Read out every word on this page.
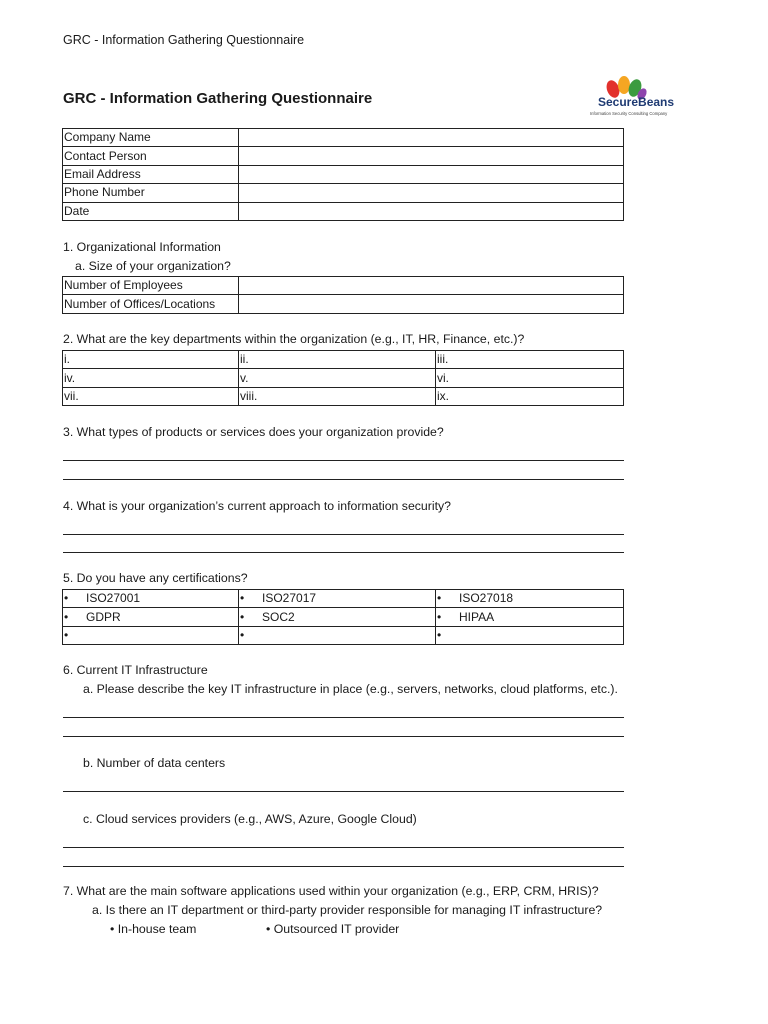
GRC - Information Gathering Questionnaire
GRC - Information Gathering Questionnaire	SecureBeans
Information Security Consulting Company
Company Name	
Contact Person	
Email Address	
Phone Number	
Date	
1. Organizational Information
a. Size of your organization?
Number of Employees	
Number of Offices/Locations	
2. What are the key departments within the organization (e.g., IT, HR, Finance, etc.)?
i.	ii.	iii.
iv.	v.	vi.
vii.	viii.	ix.
3. What types of products or services does your organization provide?
4. What is your organization’s current approach to information security?
5. Do you have any certifications?
• ISO27001	• ISO27017	• ISO27018
• GDPR	• SOC2	• HIPAA
•	•	•
6. Current IT Infrastructure
a. Please describe the key IT infrastructure in place (e.g., servers, networks, cloud platforms, etc.).
b. Number of data centers
c. Cloud services providers (e.g., AWS, Azure, Google Cloud)
7. What are the main software applications used within your organization (e.g., ERP, CRM, HRIS)?
a. Is there an IT department or third-party provider responsible for managing IT infrastructure?
• In-house team	• Outsourced IT provider
